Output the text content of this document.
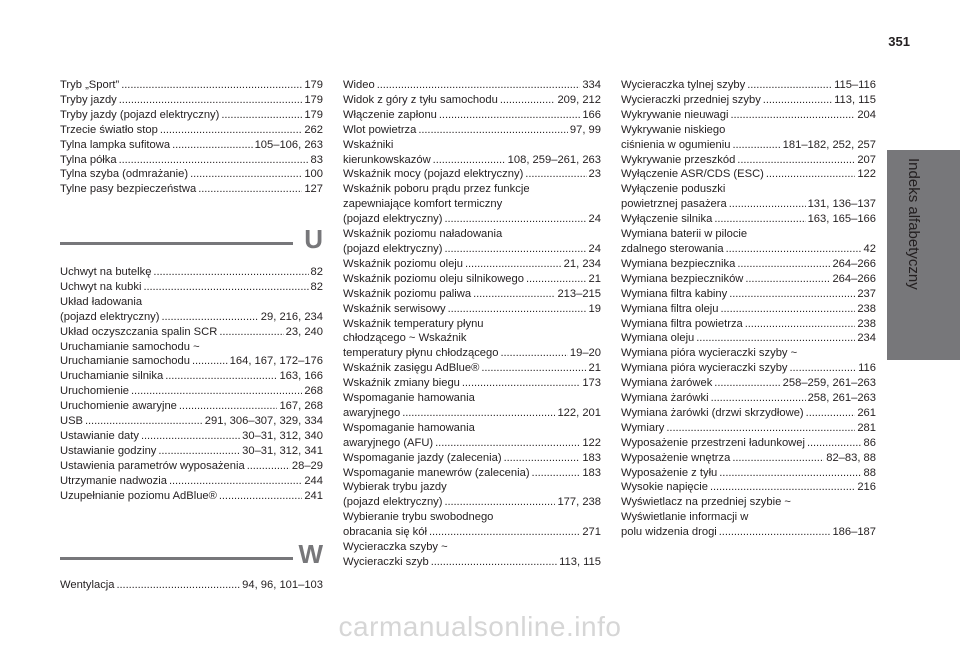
351
Indeks alfabetyczny
Tryb „Sport” . . .	179
Tryby jazdy . . .	179
Tryby jazdy (pojazd elektryczny) . . .	179
Trzecie światło stop . . .	262
Tylna lampka sufitowa . . .	105–106, 263
Tylna półka . . .	83
Tylna szyba (odmrażanie) . . .	100
Tylne pasy bezpieczeństwa . . .	127
U
Uchwyt na butelkę . . .	82
Uchwyt na kubki . . .	82
Układ ładowania
(pojazd elektryczny) . . .	29, 216, 234
Układ oczyszczania spalin SCR . . .	23, 240
Uruchamianie samochodu ~
Uruchamianie samochodu . . .	164, 167, 172–176
Uruchamianie silnika . . .	163, 166
Uruchomienie . . .	268
Uruchomienie awaryjne . . .	167, 268
USB . . .	291, 306–307, 329, 334
Ustawianie daty . . .	30–31, 312, 340
Ustawianie godziny . . .	30–31, 312, 341
Ustawienia parametrów wyposażenia . . .	28–29
Utrzymanie nadwozia . . .	244
Uzupełnianie poziomu AdBlue® . . .	241
W
Wentylacja . . .	94, 96, 101–103
Wideo . . .	334
Widok z góry z tyłu samochodu . . .	209, 212
Włączenie zapłonu . . .	166
Wlot powietrza . . .	97, 99
Wskaźniki
kierunkowskazów . . .	108, 259–261, 263
Wskaźnik mocy (pojazd elektryczny) . . .	23
Wskaźnik poboru prądu przez funkcje
zapewniające komfort termiczny
(pojazd elektryczny) . . .	24
Wskaźnik poziomu naładowania
(pojazd elektryczny) . . .	24
Wskaźnik poziomu oleju . . .	21, 234
Wskaźnik poziomu oleju silnikowego . . .	21
Wskaźnik poziomu paliwa . . .	213–215
Wskaźnik serwisowy . . .	19
Wskaźnik temperatury płynu
chłodzącego ~ Wskaźnik
temperatury płynu chłodzącego . . .	19–20
Wskaźnik zasięgu AdBlue® . . .	21
Wskaźnik zmiany biegu . . .	173
Wspomaganie hamowania
awaryjnego . . .	122, 201
Wspomaganie hamowania
awaryjnego (AFU) . . .	122
Wspomaganie jazdy (zalecenia) . . .	183
Wspomaganie manewrów (zalecenia) . . .	183
Wybierak trybu jazdy
(pojazd elektryczny) . . .	177, 238
Wybieranie trybu swobodnego
obracania się kół . . .	271
Wycieraczka szyby ~
Wycieraczki szyb . . .	113, 115
Wycieraczka tylnej szyby . . .	115–116
Wycieraczki przedniej szyby . . .	113, 115
Wykrywanie nieuwagi . . .	204
Wykrywanie niskiego
ciśnienia w ogumieniu . . .	181–182, 252, 257
Wykrywanie przeszkód . . .	207
Wyłączenie ASR/CDS (ESC) . . .	122
Wyłączenie poduszki
powietrznej pasażera . . .	131, 136–137
Wyłączenie silnika . . .	163, 165–166
Wymiana baterii w pilocie
zdalnego sterowania . . .	42
Wymiana bezpiecznika . . .	264–266
Wymiana bezpieczników . . .	264–266
Wymiana filtra kabiny . . .	237
Wymiana filtra oleju . . .	238
Wymiana filtra powietrza . . .	238
Wymiana oleju . . .	234
Wymiana pióra wycieraczki szyby ~
Wymiana pióra wycieraczki szyby . . .	116
Wymiana żarówek . . .	258–259, 261–263
Wymiana żarówki . . .	258, 261–263
Wymiana żarówki (drzwi skrzydłowe) . . .	261
Wymiary . . .	281
Wyposażenie przestrzeni ładunkowej . . .	86
Wyposażenie wnętrza . . .	82–83, 88
Wyposażenie z tyłu . . .	88
Wysokie napięcie . . .	216
Wyświetlacz na przedniej szybie ~
Wyświetlanie informacji w
polu widzenia drogi . . .	186–187
carmanualsonline.info
